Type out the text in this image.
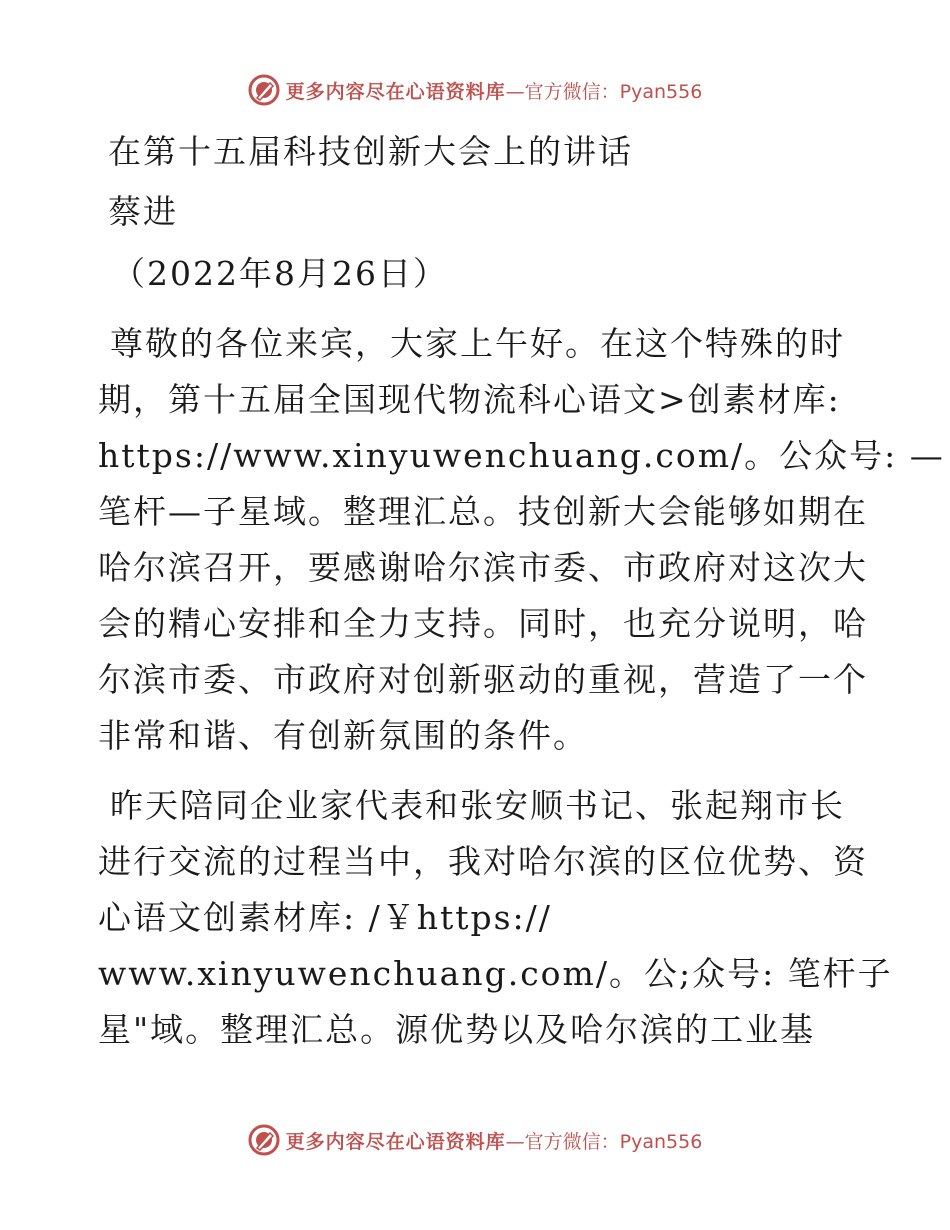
更多内容尽在心语资料库 —官方微信：Pyan556
在第十五届科技创新大会上的讲话
蔡进
（2022年8月26日）
尊敬的各位来宾，大家上午好。在这个特殊的时
期，第十五届全国现代物流科心语文>创素材库:
https://www.xinyuwenchuang.com/。公众号: —
笔杆—子星域。整理汇总。技创新大会能够如期在
哈尔滨召开，要感谢哈尔滨市委、市政府对这次大
会的精心安排和全力支持。同时，也充分说明，哈
尔滨市委、市政府对创新驱动的重视，营造了一个
非常和谐、有创新氛围的条件。
昨天陪同企业家代表和张安顺书记、张起翔市长
进行交流的过程当中，我对哈尔滨的区位优势、资
心语文创素材库: /￥https://
www.xinyuwenchuang.com/。公;众号: 笔杆子
星"域。整理汇总。源优势以及哈尔滨的工业基
更多内容尽在心语资料库 —官方微信：Pyan556
